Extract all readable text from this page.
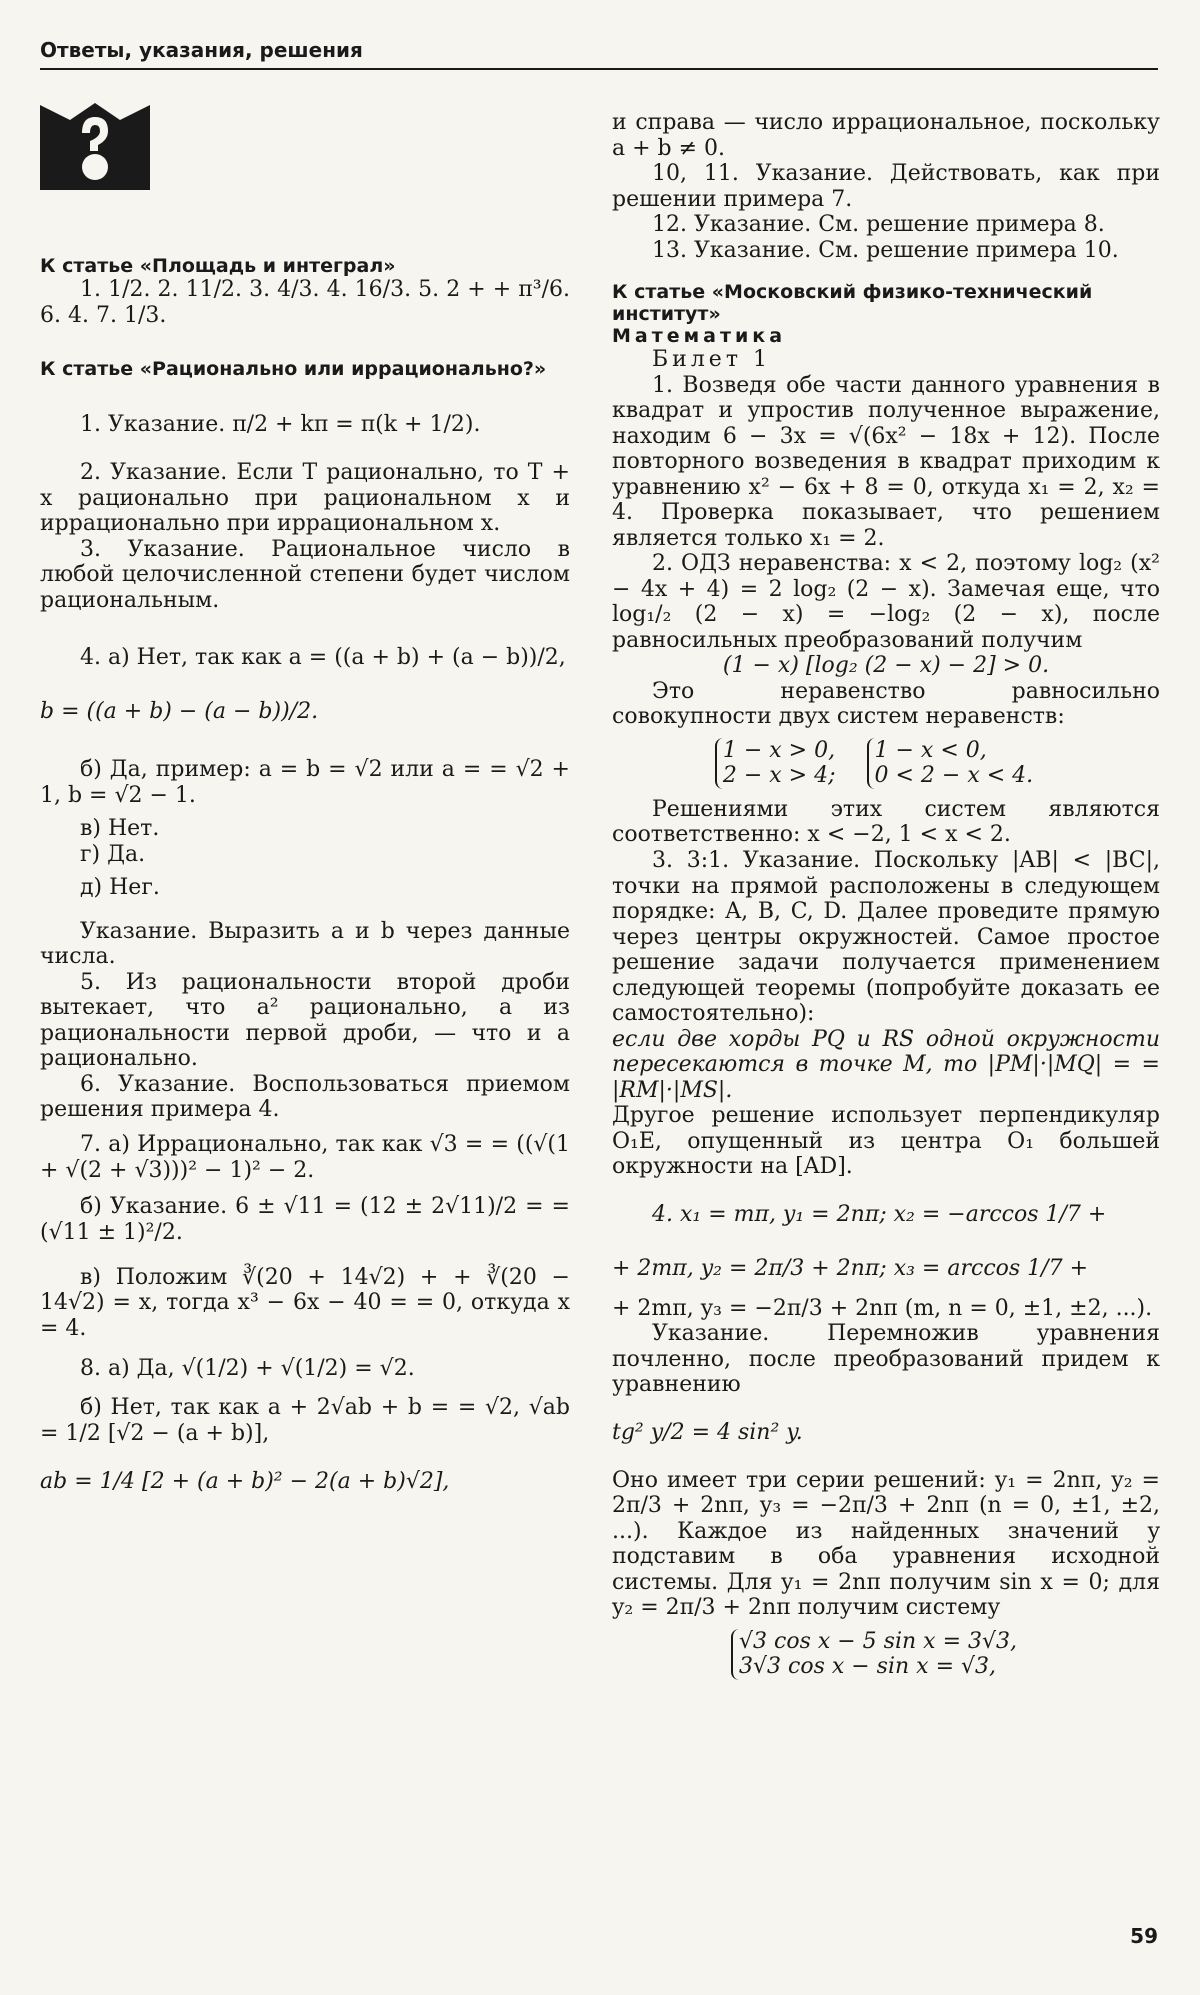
Ответы, указания, решения

К статье «Площадь и интеграл»

1. 1/2. 2. 11/2. 3. 4/3. 4. 16/3. 5. 2 + + π³/6. 6. 4. 7. 1/3.

К статье «Рационально или иррационально?»

1. Указание. π/2 + kπ = π(k + 1/2).

2. Указание. Если T рационально, то T + x рационально при рациональном x и иррационально при иррациональном x.

3. Указание. Рациональное число в любой целочисленной степени будет числом рациональным.

4. а) Нет, так как a = ((a + b) + (a − b))/2,

b = ((a + b) − (a − b))/2.

б) Да, пример: a = b = √2 или a = = √2 + 1, b = √2 − 1.

в) Нет.

г) Да.

д) Нег.

Указание. Выразить a и b через данные числа.

5. Из рациональности второй дроби вытекает, что a² рационально, а из рациональности первой дроби, — что и a рационально.

6. Указание. Воспользоваться приемом решения примера 4.

7. а) Иррационально, так как √3 = = ((√(1 + √(2 + √3)))² − 1)² − 2.

б) Указание. 6 ± √11 = (12 ± 2√11)/2 = = (√11 ± 1)²/2.

в) Положим ∛(20 + 14√2) + + ∛(20 − 14√2) = x, тогда x³ − 6x − 40 = = 0, откуда x = 4.

8. а) Да, √(1/2) + √(1/2) = √2.

б) Нет, так как a + 2√ab + b = = √2, √ab = 1/2 [√2 − (a + b)],

ab = 1/4 [2 + (a + b)² − 2(a + b)√2],

и справа — число иррациональное, поскольку a + b ≠ 0.

10, 11. Указание. Действовать, как при решении примера 7.

12. Указание. См. решение примера 8.

13. Указание. См. решение примера 10.

К статье «Московский физико-технический институт»

Математика

Билет 1

1. Возведя обе части данного уравнения в квадрат и упростив полученное выражение, находим 6 − 3x = √(6x² − 18x + 12). После повторного возведения в квадрат приходим к уравнению x² − 6x + 8 = 0, откуда x₁ = 2, x₂ = 4. Проверка показывает, что решением является только x₁ = 2.

2. ОДЗ неравенства: x < 2, поэтому log₂ (x² − 4x + 4) = 2 log₂ (2 − x). Замечая еще, что log₁/₂ (2 − x) = −log₂ (2 − x), после равносильных преобразований получим

(1 − x) [log₂ (2 − x) − 2] > 0.

Это неравенство равносильно совокупности двух систем неравенств:

1 − x > 0,
2 − x > 4;

1 − x < 0,
0 < 2 − x < 4.

Решениями этих систем являются соответственно: x < −2, 1 < x < 2.

3. 3:1. Указание. Поскольку |AB| < |BC|, точки на прямой расположены в следующем порядке: A, B, C, D. Далее проведите прямую через центры окружностей. Самое простое решение задачи получается применением следующей теоремы (попробуйте доказать ее самостоятельно):

если две хорды PQ и RS одной окружности пересекаются в точке M, то |PM|·|MQ| = = |RM|·|MS|.

Другое решение использует перпендикуляр O₁E, опущенный из центра O₁ большей окружности на [AD].

4. x₁ = mπ, y₁ = 2nπ; x₂ = −arccos 1/7 +

+ 2mπ, y₂ = 2π/3 + 2nπ; x₃ = arccos 1/7 +

+ 2mπ, y₃ = −2π/3 + 2nπ (m, n = 0, ±1, ±2, ...).

Указание. Перемножив уравнения почленно, после преобразований придем к уравнению

tg² y/2 = 4 sin² y.

Оно имеет три серии решений: y₁ = 2nπ, y₂ = 2π/3 + 2nπ, y₃ = −2π/3 + 2nπ (n = 0, ±1, ±2, ...). Каждое из найденных значений y подставим в оба уравнения исходной системы. Для y₁ = 2nπ получим sin x = 0; для y₂ = 2π/3 + 2nπ получим систему

√3 cos x − 5 sin x = 3√3,
3√3 cos x − sin x = √3,
59
